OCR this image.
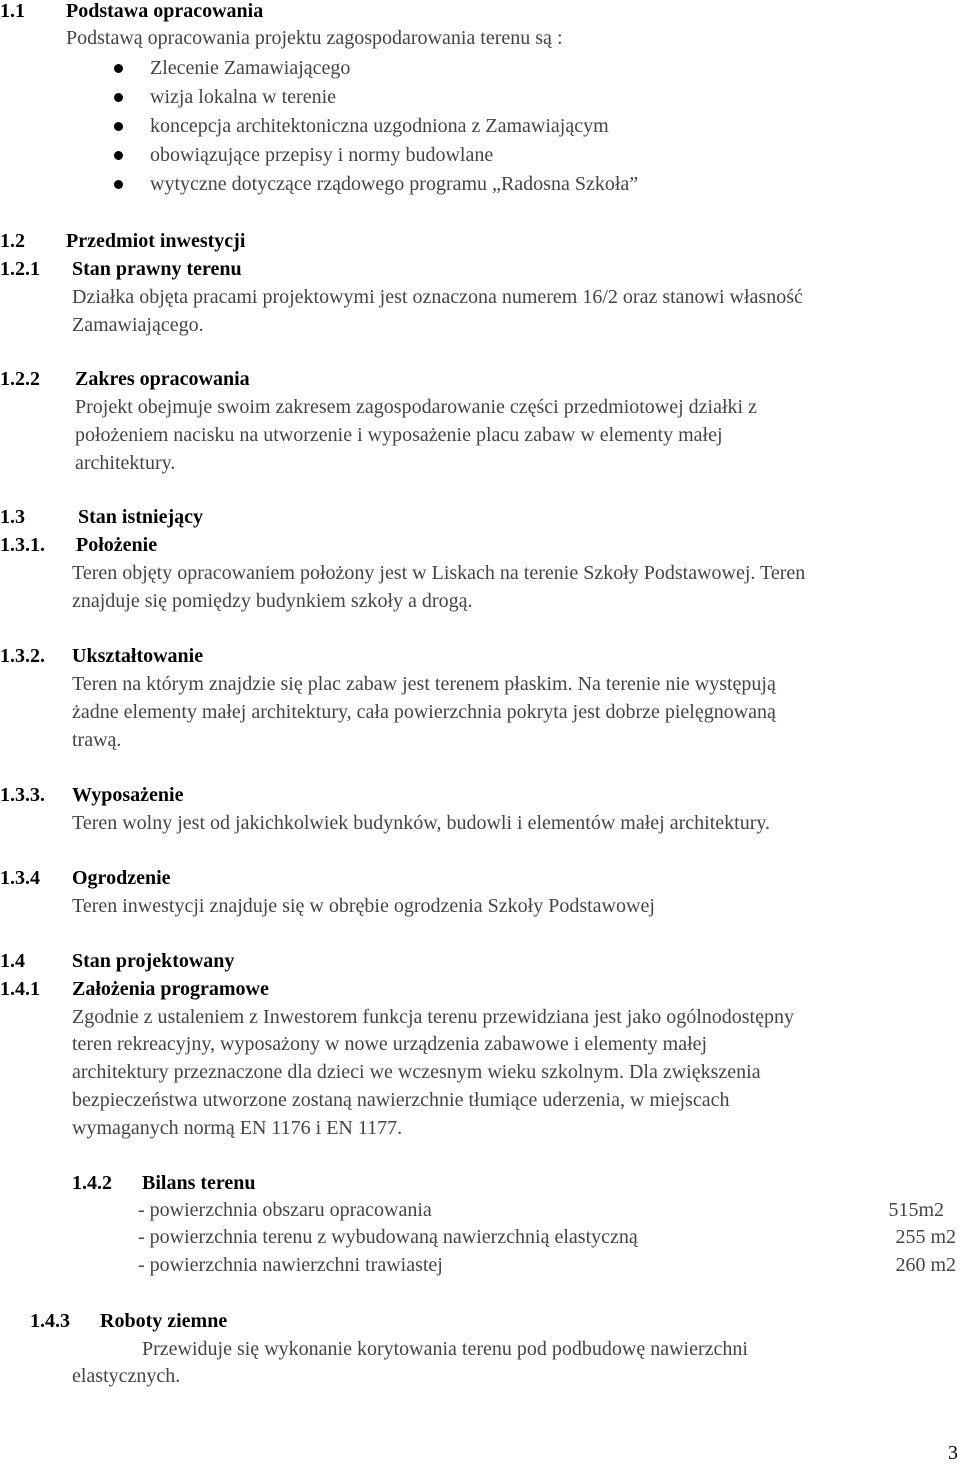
1.1 Podstawa opracowania
Podstawą opracowania projektu zagospodarowania terenu są :
Zlecenie Zamawiającego
wizja lokalna w terenie
koncepcja architektoniczna uzgodniona z Zamawiającym
obowiązujące przepisy i normy budowlane
wytyczne dotyczące rządowego programu „Radosna Szkoła”
1.2 Przedmiot inwestycji
1.2.1 Stan prawny terenu
Działka objęta pracami projektowymi jest oznaczona numerem 16/2 oraz stanowi własność
Zamawiającego.
1.2.2 Zakres opracowania
Projekt obejmuje swoim zakresem zagospodarowanie części przedmiotowej działki z
położeniem nacisku na utworzenie i wyposażenie placu zabaw w elementy małej
architektury.
1.3	Stan istniejący
1.3.1. Położenie
Teren objęty opracowaniem położony jest w Liskach na terenie Szkoły Podstawowej. Teren
znajduje się pomiędzy budynkiem szkoły a drogą.
1.3.2. Ukształtowanie
Teren na którym znajdzie się plac zabaw jest terenem płaskim. Na terenie nie występują
żadne elementy małej architektury, cała powierzchnia pokryta jest dobrze pielęgnowaną
trawą.
1.3.3. Wyposażenie
Teren wolny jest od jakichkolwiek budynków, budowli i elementów małej architektury.
1.3.4 Ogrodzenie
Teren inwestycji znajduje się w obrębie ogrodzenia Szkoły Podstawowej
1.4 Stan projektowany
1.4.1 Założenia programowe
Zgodnie z ustaleniem z Inwestorem funkcja terenu przewidziana jest jako ogólnodostępny
teren rekreacyjny, wyposażony w nowe urządzenia zabawowe i elementy małej
architektury przeznaczone dla dzieci we wczesnym wieku szkolnym. Dla zwiększenia
bezpieczeństwa utworzone zostaną nawierzchnie tłumiące uderzenia, w miejscach
wymaganych normą EN 1176 i EN 1177.
1.4.2 Bilans terenu
- powierzchnia obszaru opracowania	515m2
- powierzchnia terenu z wybudowaną nawierzchnią elastyczną	255 m2
- powierzchnia nawierzchni trawiastej	260 m2
1.4.3 Roboty ziemne
Przewiduje się wykonanie korytowania terenu pod podbudowę nawierzchni
elastycznych.
3
